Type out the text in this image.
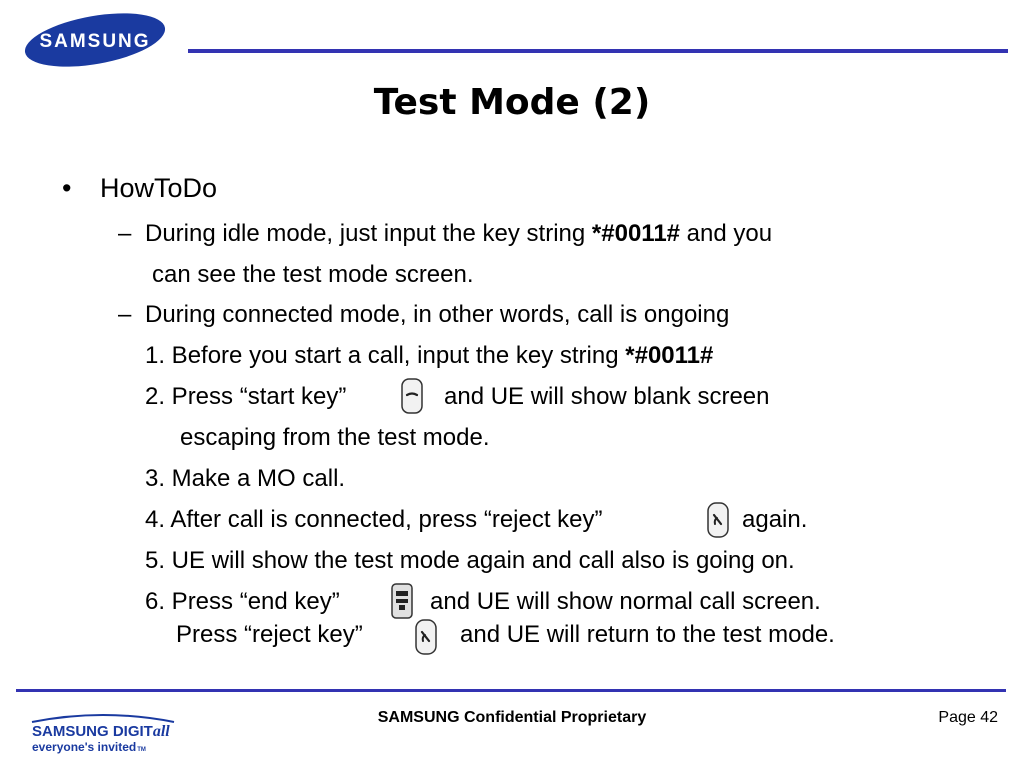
SAMSUNG
Test Mode (2)
• HowToDo
– During idle mode, just input the key string *#0011# and you
can see the test mode screen.
– During connected mode, in other words, call is ongoing
1. Before you start a call, input the key string *#0011#
2. Press “start key”	and UE will show blank screen
escaping from the test mode.
3. Make a MO call.
4. After call is connected, press “reject key”	again.
5. UE will show the test mode again and call also is going on.
6. Press “end key”	and UE will show normal call screen.
Press “reject key”	and UE will return to the test mode.
SAMSUNG DIGITall
everyone's invitedTM
SAMSUNG Confidential Proprietary	Page 42
